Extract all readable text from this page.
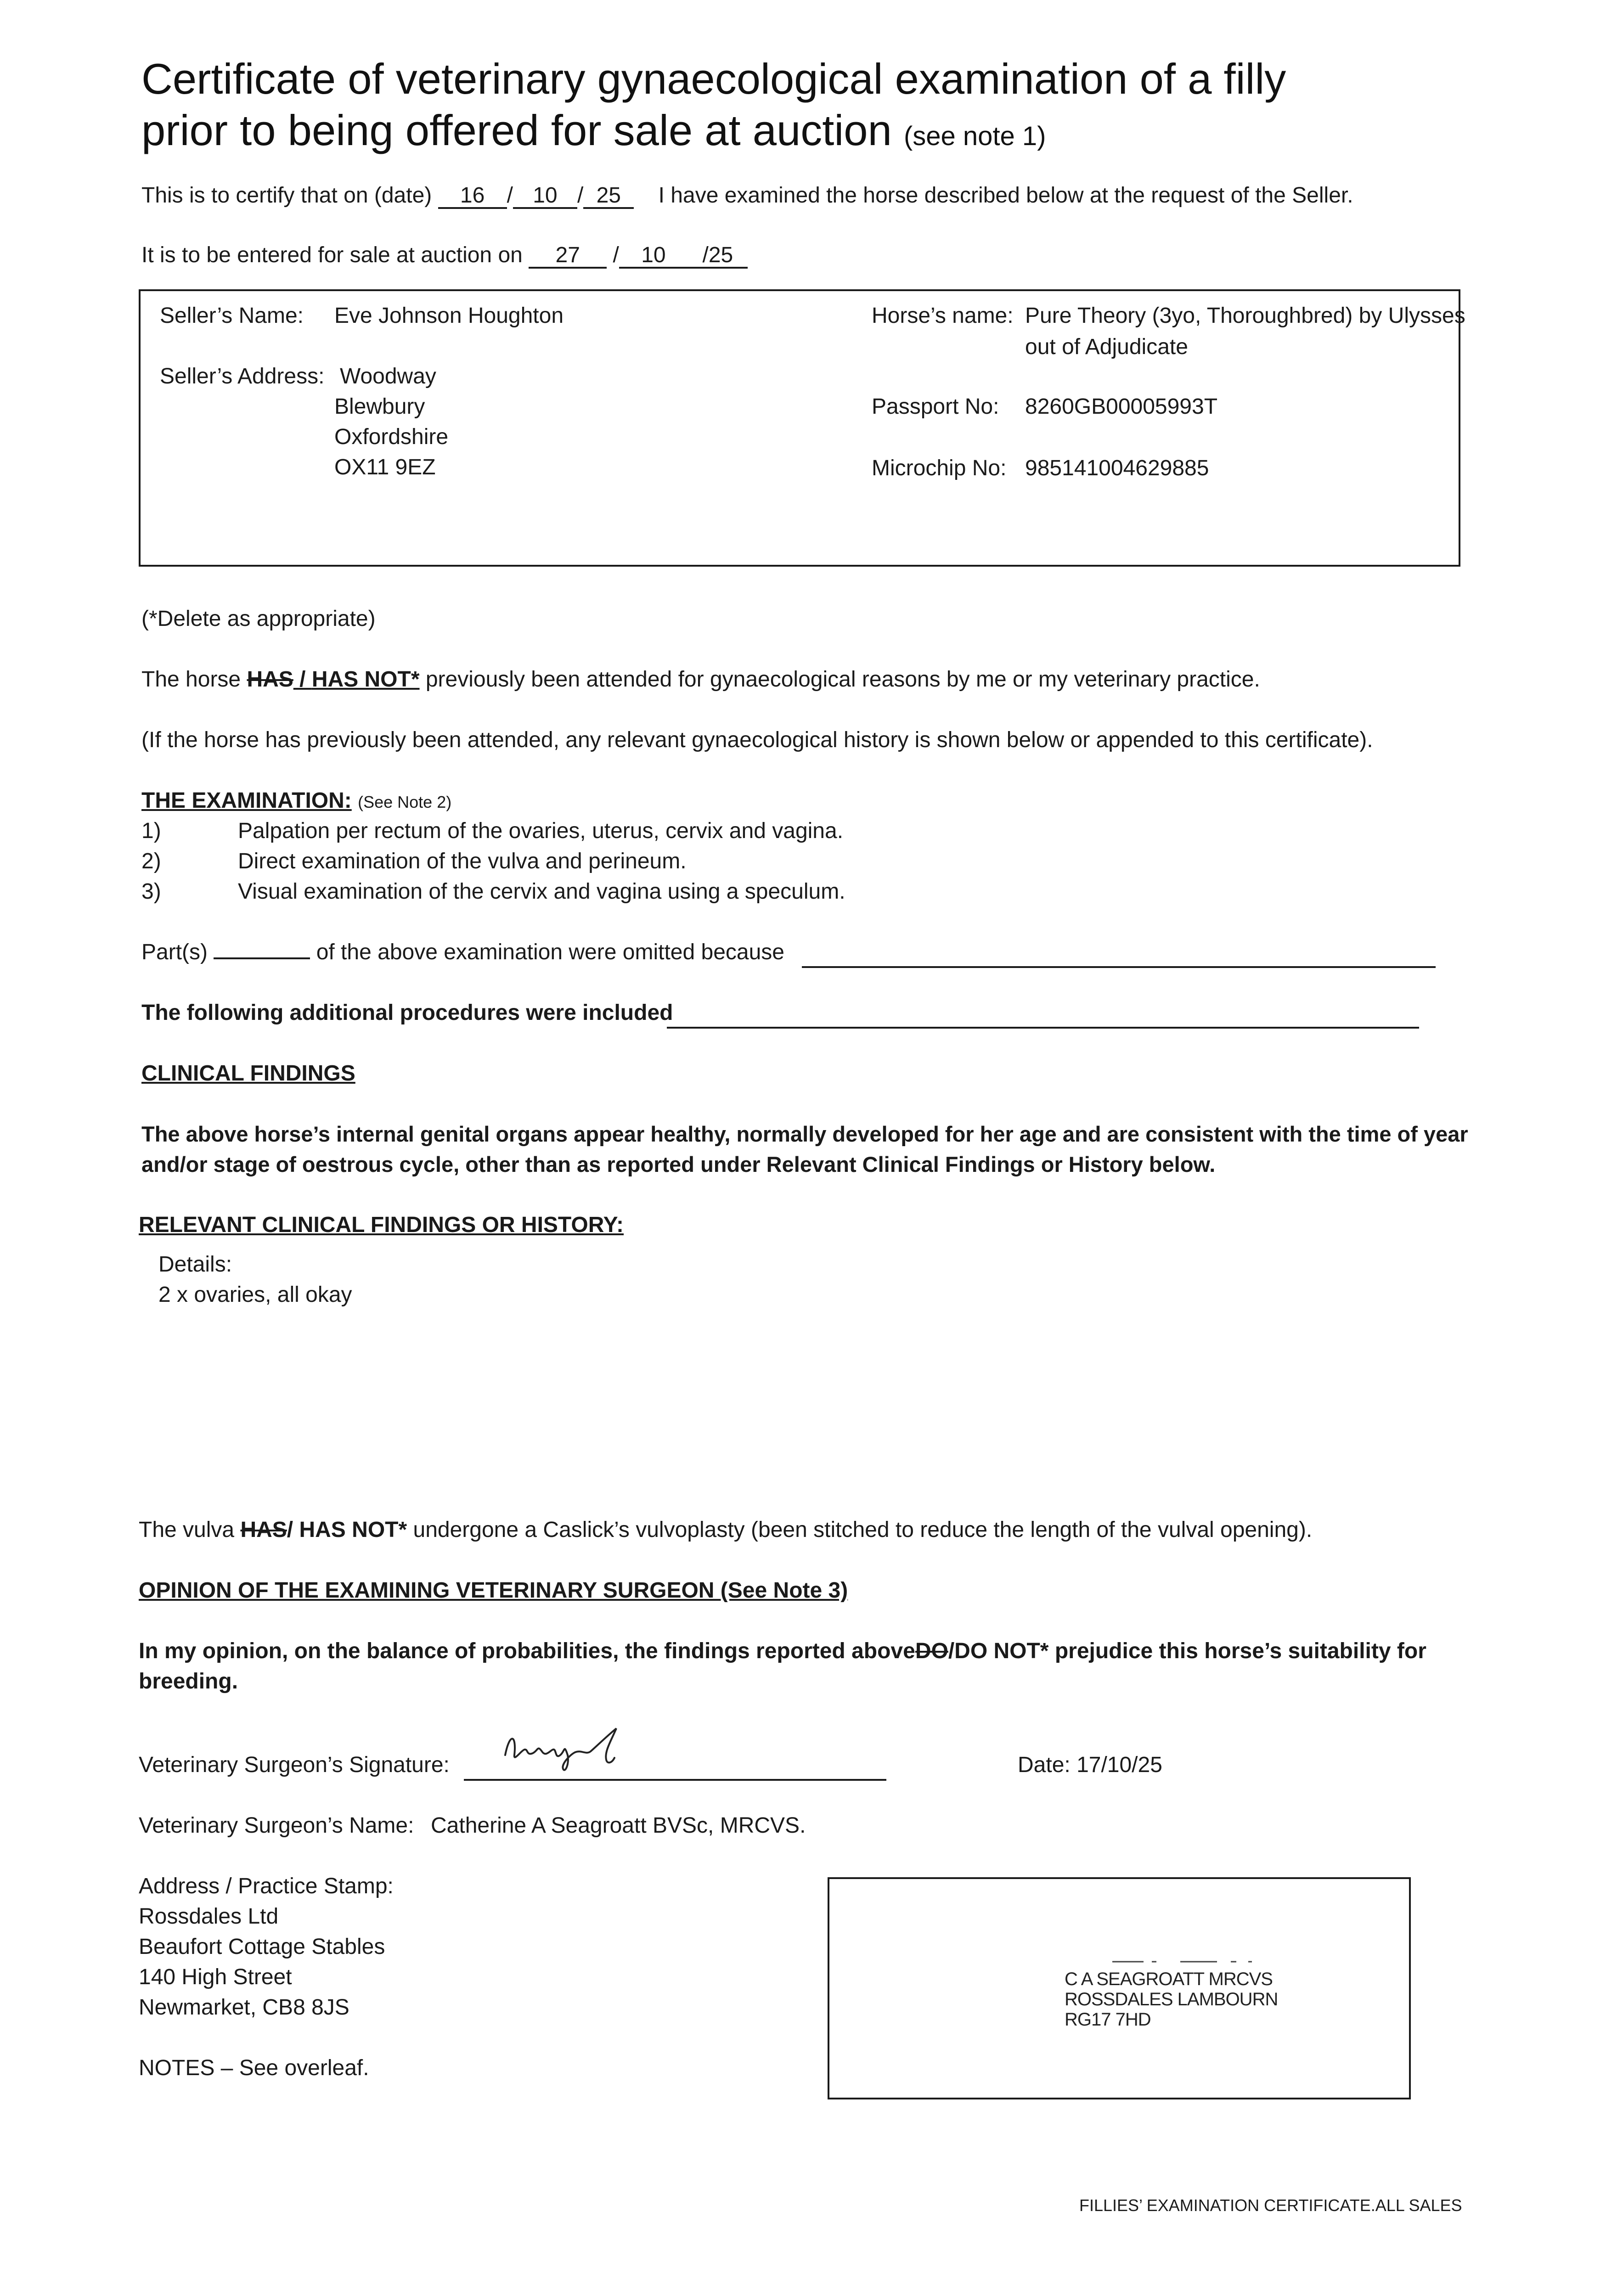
Certificate of veterinary gynaecological examination of a filly
prior to being offered for sale at auction (see note 1)
This is to certify that on (date) 16 / 10 / 25 I have examined the horse described below at the request of the Seller.
It is to be entered for sale at auction on 27 / 10 /25
Seller’s Name: Eve Johnson Houghton
Seller’s Address: Woodway
Blewbury
Oxfordshire
OX11 9EZ
Horse’s name: Pure Theory (3yo, Thoroughbred) by Ulysses
out of Adjudicate
Passport No: 8260GB00005993T
Microchip No: 985141004629885
(*Delete as appropriate)
The horse HAS / HAS NOT* previously been attended for gynaecological reasons by me or my veterinary practice.
(If the horse has previously been attended, any relevant gynaecological history is shown below or appended to this certificate).
THE EXAMINATION: (See Note 2)
1)	Palpation per rectum of the ovaries, uterus, cervix and vagina.
2)	Direct examination of the vulva and perineum.
3)	Visual examination of the cervix and vagina using a speculum.
Part(s)	of the above examination were omitted because
The following additional procedures were included
CLINICAL FINDINGS
The above horse’s internal genital organs appear healthy, normally developed for her age and are consistent with the time of year
and/or stage of oestrous cycle, other than as reported under Relevant Clinical Findings or History below.
RELEVANT CLINICAL FINDINGS OR HISTORY:
Details:
2 x ovaries, all okay
The vulva HAS/ HAS NOT* undergone a Caslick’s vulvoplasty (been stitched to reduce the length of the vulval opening).
OPINION OF THE EXAMINING VETERINARY SURGEON (See Note 3)
In my opinion, on the balance of probabilities, the findings reported aboveDO/DO NOT* prejudice this horse’s suitability for
breeding.
Veterinary Surgeon’s Signature:	Date: 17/10/25
Veterinary Surgeon’s Name: Catherine A Seagroatt BVSc, MRCVS.
Address / Practice Stamp:
Rossdales Ltd
Beaufort Cottage Stables
140 High Street
Newmarket, CB8 8JS
C A SEAGROATT MRCVS
ROSSDALES LAMBOURN
RG17 7HD
NOTES – See overleaf.
FILLIES’ EXAMINATION CERTIFICATE.ALL SALES
